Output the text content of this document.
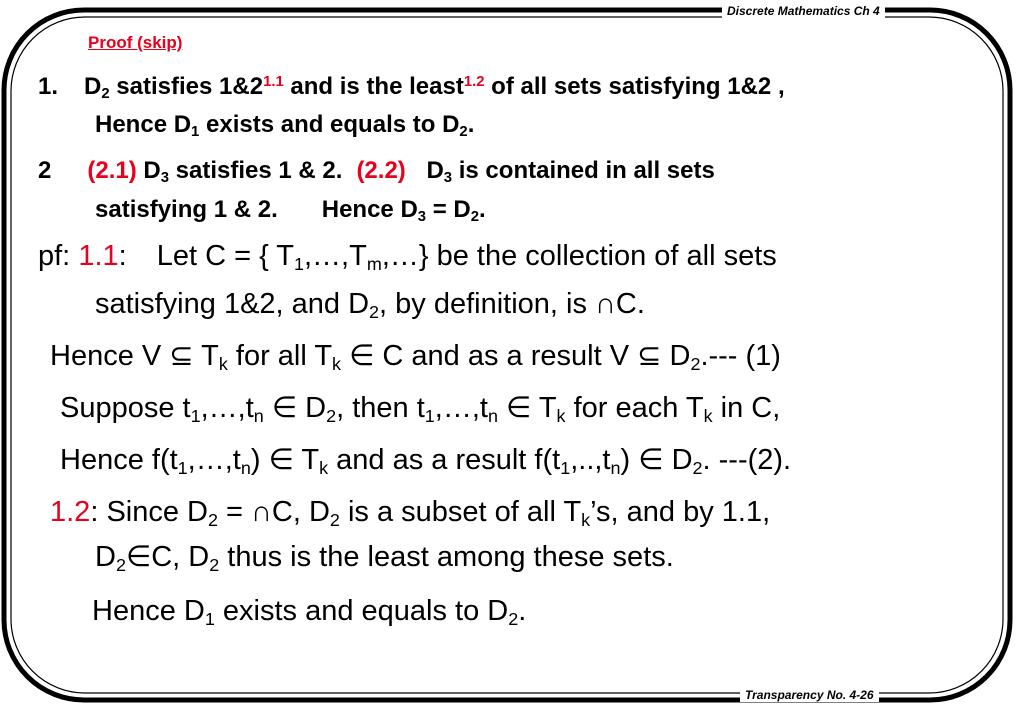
Discrete Mathematics Ch 4
Transparency No. 4-26
Proof (skip)
1. $D_2$ satisfies $1\&2^{1.1}$ and is the least$^{1.2}$ of all sets satisfying 1&2 ,
Hence $D_1$ exists and equals to $D_2$.
2 (2.1) $D_3$ satisfies 1 & 2. (2.2) $D_3$ is contained in all sets
satisfying 1 & 2. Hence $D_3 = D_2$.
pf: 1.1: Let C = { $T_1,\dots,T_m,\dots$} be the collection of all sets
satisfying 1&2, and $D_2$, by definition, is ∩C.
Hence V ⊆ $T_k$ for all $T_k$ ∈ C and as a result V ⊆ $D_2.---$ (1)
Suppose $t_1,\dots,t_n$ ∈ $D_2$, then $t_1,\dots,t_n$ ∈ $T_k$ for each $T_k$ in C,
Hence $f(t_1,\dots,t_n)$ ∈ $T_k$ and as a result $f(t_1,..,t_n)$ ∈ $D_2$. ---(2).
1.2: Since $D_2$ = ∩C, $D_2$ is a subset of all $T_k’s$, and by 1.1,
$D_2\in C$, $D_2$ thus is the least among these sets.
Hence $D_1$ exists and equals to $D_2$.
